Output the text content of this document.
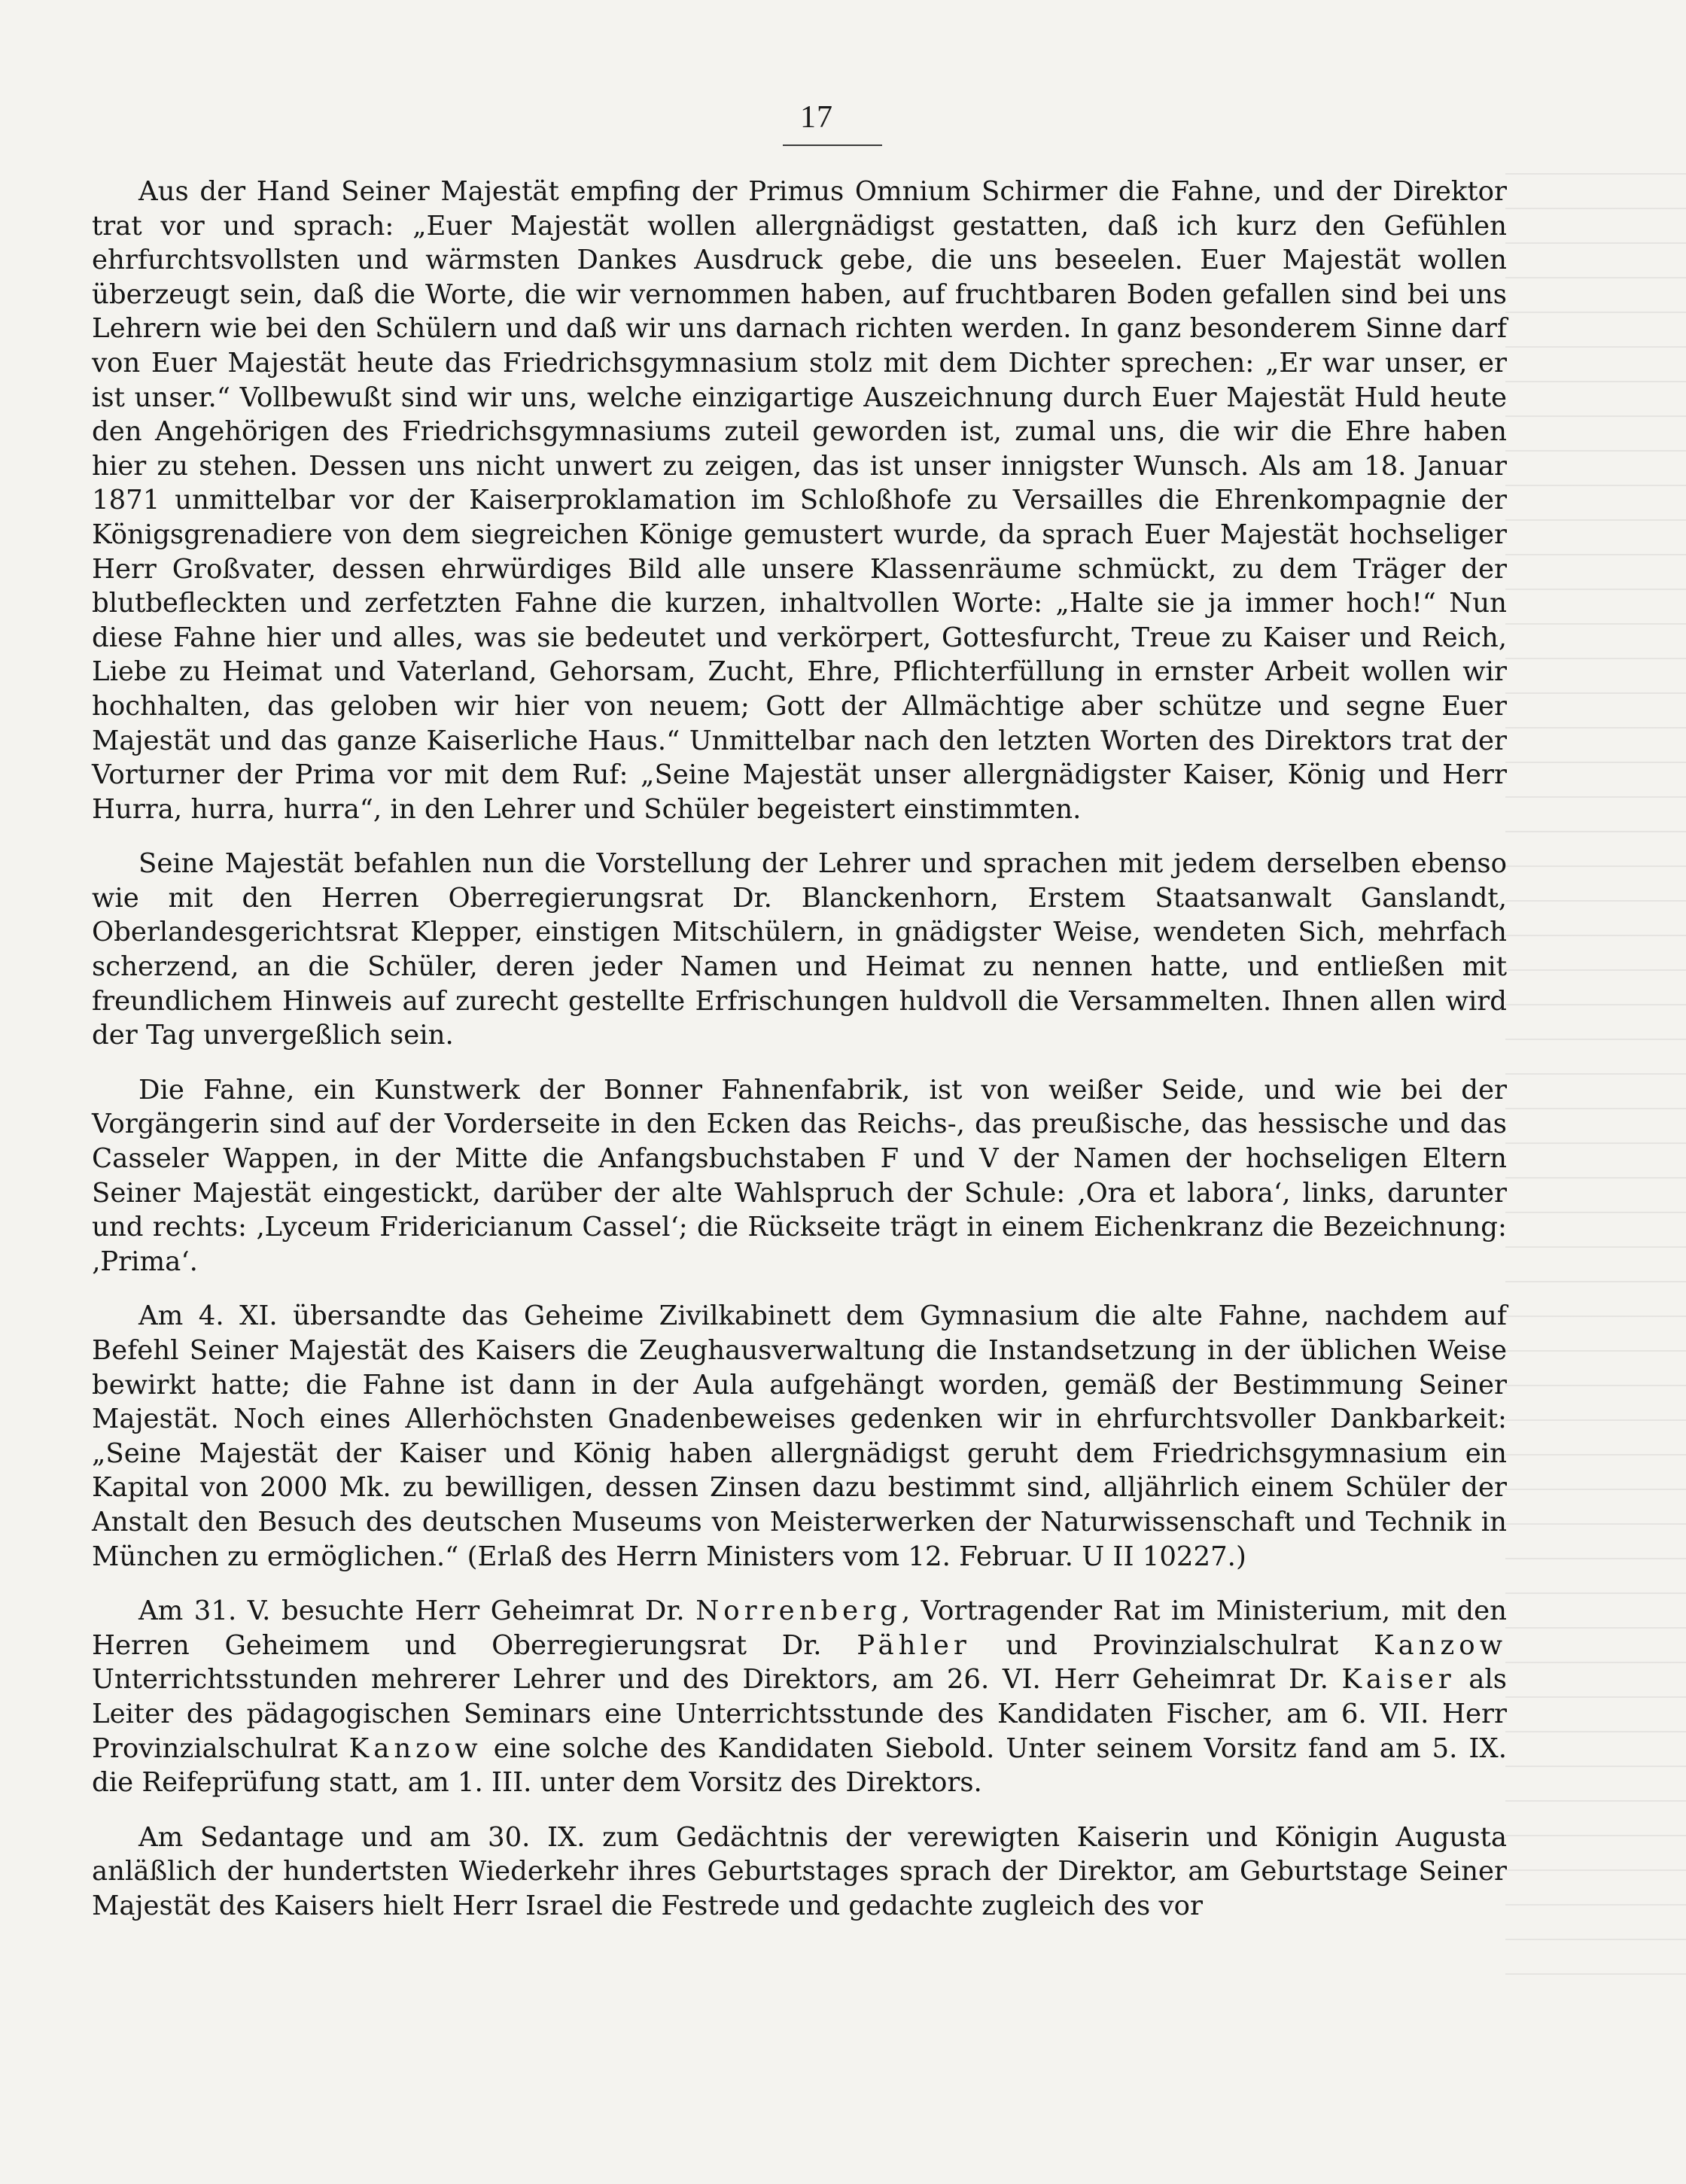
17

Aus der Hand Seiner Majestät empfing der Primus Omnium Schirmer die Fahne, und der Direktor trat vor und sprach: „Euer Majestät wollen allergnädigst gestatten, daß ich kurz den Gefühlen ehrfurchtsvollsten und wärmsten Dankes Ausdruck gebe, die uns beseelen. Euer Majestät wollen überzeugt sein, daß die Worte, die wir vernommen haben, auf fruchtbaren Boden gefallen sind bei uns Lehrern wie bei den Schülern und daß wir uns darnach richten werden. In ganz besonderem Sinne darf von Euer Majestät heute das Friedrichsgymnasium stolz mit dem Dichter sprechen: „Er war unser, er ist unser.“ Vollbewußt sind wir uns, welche einzigartige Auszeichnung durch Euer Majestät Huld heute den Angehörigen des Friedrichsgymnasiums zuteil geworden ist, zumal uns, die wir die Ehre haben hier zu stehen. Dessen uns nicht unwert zu zeigen, das ist unser innigster Wunsch. Als am 18. Januar 1871 unmittelbar vor der Kaiserproklamation im Schloßhofe zu Versailles die Ehrenkompagnie der Königsgrenadiere von dem siegreichen Könige gemustert wurde, da sprach Euer Majestät hochseliger Herr Großvater, dessen ehrwürdiges Bild alle unsere Klassenräume schmückt, zu dem Träger der blutbefleckten und zerfetzten Fahne die kurzen, inhaltvollen Worte: „Halte sie ja immer hoch!“ Nun diese Fahne hier und alles, was sie bedeutet und verkörpert, Gottesfurcht, Treue zu Kaiser und Reich, Liebe zu Heimat und Vaterland, Gehorsam, Zucht, Ehre, Pflichterfüllung in ernster Arbeit wollen wir hochhalten, das geloben wir hier von neuem; Gott der Allmächtige aber schütze und segne Euer Majestät und das ganze Kaiserliche Haus.“ Unmittelbar nach den letzten Worten des Direktors trat der Vorturner der Prima vor mit dem Ruf: „Seine Majestät unser allergnädigster Kaiser, König und Herr Hurra, hurra, hurra“, in den Lehrer und Schüler begeistert einstimmten.

Seine Majestät befahlen nun die Vorstellung der Lehrer und sprachen mit jedem derselben ebenso wie mit den Herren Oberregierungsrat Dr. Blanckenhorn, Erstem Staatsanwalt Ganslandt, Oberlandesgerichtsrat Klepper, einstigen Mitschülern, in gnädigster Weise, wendeten Sich, mehrfach scherzend, an die Schüler, deren jeder Namen und Heimat zu nennen hatte, und entließen mit freundlichem Hinweis auf zurecht gestellte Erfrischungen huldvoll die Versammelten. Ihnen allen wird der Tag unvergeßlich sein.

Die Fahne, ein Kunstwerk der Bonner Fahnenfabrik, ist von weißer Seide, und wie bei der Vorgängerin sind auf der Vorderseite in den Ecken das Reichs-, das preußische, das hessische und das Casseler Wappen, in der Mitte die Anfangsbuchstaben F und V der Namen der hochseligen Eltern Seiner Majestät eingestickt, darüber der alte Wahlspruch der Schule: ‚Ora et labora‘, links, darunter und rechts: ‚Lyceum Fridericianum Cassel‘; die Rückseite trägt in einem Eichenkranz die Bezeichnung: ‚Prima‘.

Am 4. XI. übersandte das Geheime Zivilkabinett dem Gymnasium die alte Fahne, nachdem auf Befehl Seiner Majestät des Kaisers die Zeughausverwaltung die Instandsetzung in der üblichen Weise bewirkt hatte; die Fahne ist dann in der Aula aufgehängt worden, gemäß der Bestimmung Seiner Majestät. Noch eines Allerhöchsten Gnadenbeweises gedenken wir in ehrfurchtsvoller Dankbarkeit: „Seine Majestät der Kaiser und König haben allergnädigst geruht dem Friedrichsgymnasium ein Kapital von 2000 Mk. zu bewilligen, dessen Zinsen dazu bestimmt sind, alljährlich einem Schüler der Anstalt den Besuch des deutschen Museums von Meisterwerken der Naturwissenschaft und Technik in München zu ermöglichen.“ (Erlaß des Herrn Ministers vom 12. Februar. U II 10227.)

Am 31. V. besuchte Herr Geheimrat Dr. Norrenberg, Vortragender Rat im Ministerium, mit den Herren Geheimem und Oberregierungsrat Dr. Pähler und Provinzialschulrat Kanzow Unterrichtsstunden mehrerer Lehrer und des Direktors, am 26. VI. Herr Geheimrat Dr. Kaiser als Leiter des pädagogischen Seminars eine Unterrichtsstunde des Kandidaten Fischer, am 6. VII. Herr Provinzialschulrat Kanzow eine solche des Kandidaten Siebold. Unter seinem Vorsitz fand am 5. IX. die Reifeprüfung statt, am 1. III. unter dem Vorsitz des Direktors.

Am Sedantage und am 30. IX. zum Gedächtnis der verewigten Kaiserin und Königin Augusta anläßlich der hundertsten Wiederkehr ihres Geburtstages sprach der Direktor, am Geburtstage Seiner Majestät des Kaisers hielt Herr Israel die Festrede und gedachte zugleich des vor
